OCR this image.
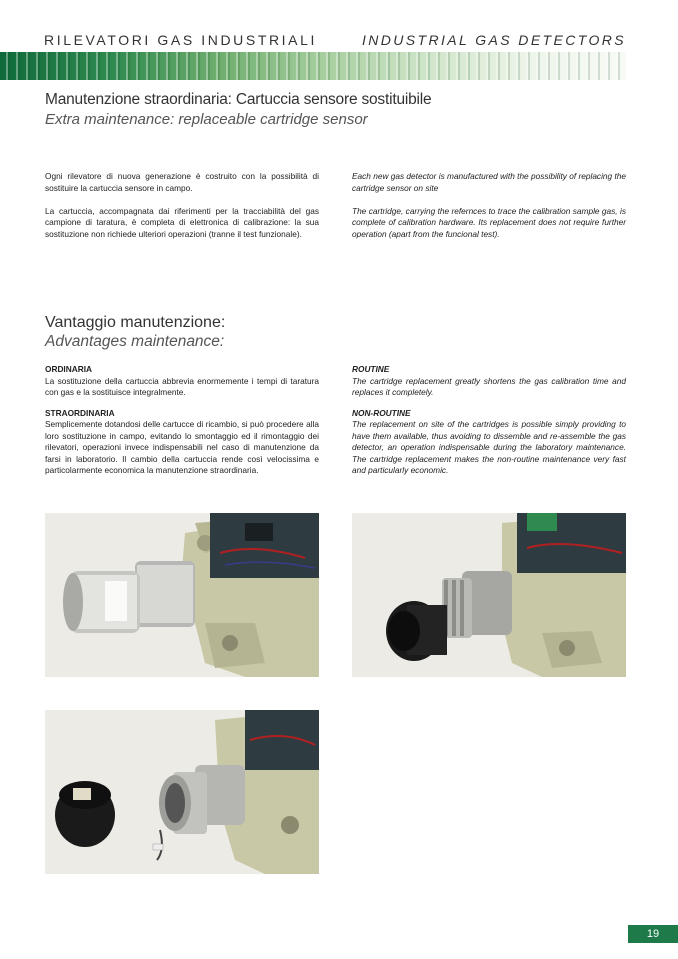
RILEVATORI GAS INDUSTRIALI	INDUSTRIAL GAS DETECTORS
Manutenzione straordinaria: Cartuccia sensore sostituibile
Extra maintenance: replaceable cartridge sensor

Ogni rilevatore di nuova generazione è costruito con la possibilità di sostituire la cartuccia sensore in campo.

La cartuccia, accompagnata dai riferimenti per la tracciabilità del gas campione di taratura, è completa di elettronica di calibrazione: la sua sostituzione non richiede ulteriori operazioni (tranne il test funzionale).

Each new gas detector is manufactured with the possibility of replacing the cartridge sensor on site

The cartridge, carrying the refernces to trace the calibration sample gas, is complete of calibration hardware. Its replacement does not require further operation (apart from the funcional test).

Vantaggio manutenzione:
Advantages maintenance:

ORDINARIA
La sostituzione della cartuccia abbrevia enormemente i tempi di taratura con gas e la sostituisce integralmente.

STRAORDINARIA
Semplicemente dotandosi delle cartucce di ricambio, si può procedere alla loro sostituzione in campo, evitando lo smontaggio ed il rimontaggio dei rilevatori, operazioni invece indispensabili nel caso di manutenzione da farsi in laboratorio. Il cambio della cartuccia rende così velocissima e particolarmente economica la manutenzione straordinaria.

ROUTINE
The cartridge replacement greatly shortens the gas calibration time and replaces it completely.

NON-ROUTINE
The replacement on site of the cartridges is possible simply providing to have them available, thus avoiding to dissemble and re-assemble the gas detector, an operation indispensable during the laboratory maintenance. The cartridge replacement makes the non-routine maintenance very fast and particularly economic.

19
